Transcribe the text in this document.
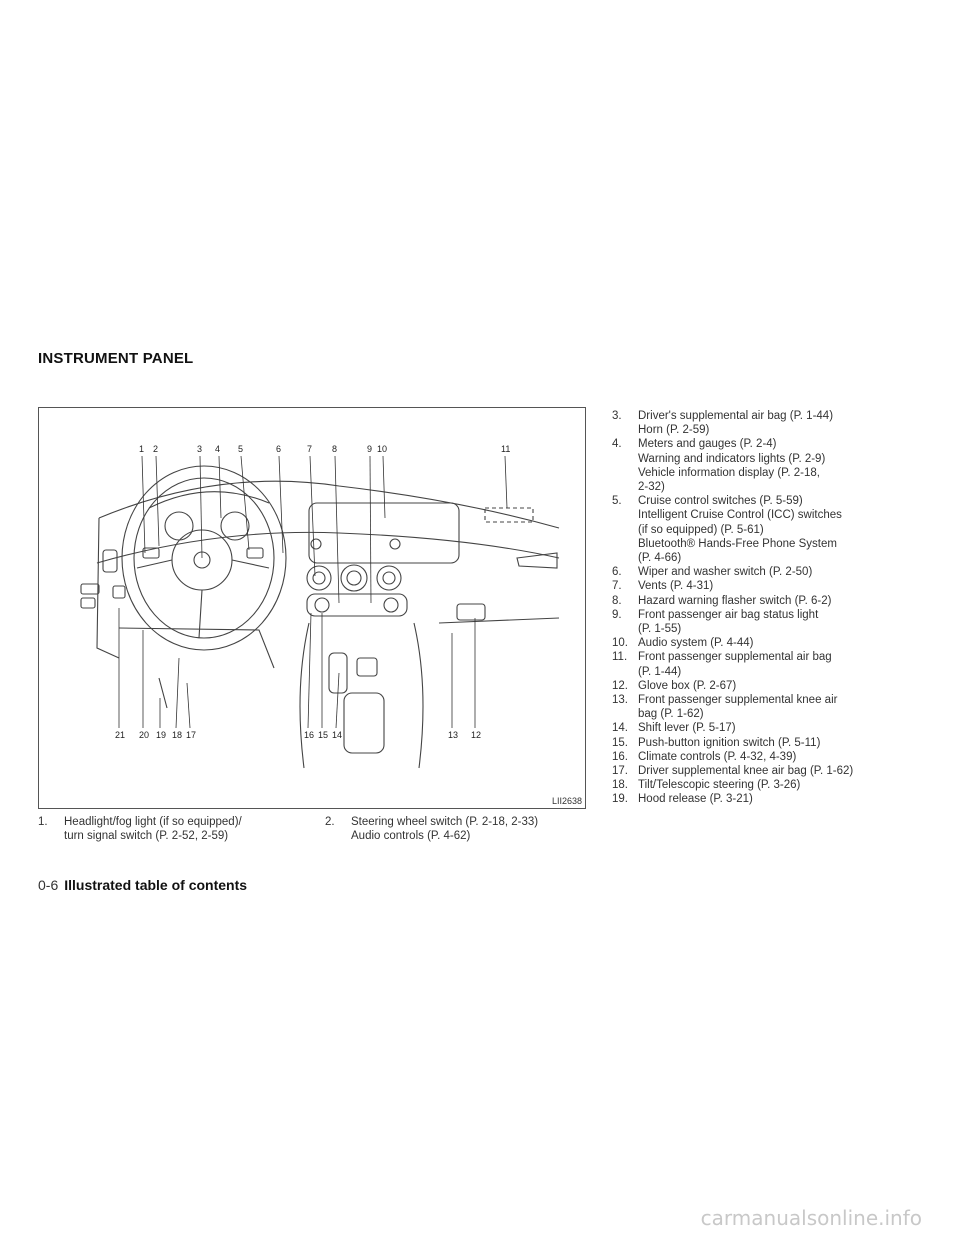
INSTRUMENT PANEL
1 2	3 4 5	6	7 8	9 10	11
21 20 19 18 17	16 15 14	13 12
LII2638
1.	Headlight/fog light (if so equipped)/
turn signal switch (P. 2-52, 2-59)
2.	Steering wheel switch (P. 2-18, 2-33)
Audio controls (P. 4-62)
3.	Driver's supplemental air bag (P. 1-44)
Horn (P. 2-59)
4.	Meters and gauges (P. 2-4)
Warning and indicators lights (P. 2-9)
Vehicle information display (P. 2-18,
2-32)
5.	Cruise control switches (P. 5-59)
Intelligent Cruise Control (ICC) switches
(if so equipped) (P. 5-61)
Bluetooth® Hands-Free Phone System
(P. 4-66)
6.	Wiper and washer switch (P. 2-50)
7.	Vents (P. 4-31)
8.	Hazard warning flasher switch (P. 6-2)
9.	Front passenger air bag status light
(P. 1-55)
10. Audio system (P. 4-44)
11. Front passenger supplemental air bag
(P. 1-44)
12. Glove box (P. 2-67)
13. Front passenger supplemental knee air
bag (P. 1-62)
14. Shift lever (P. 5-17)
15. Push-button ignition switch (P. 5-11)
16. Climate controls (P. 4-32, 4-39)
17. Driver supplemental knee air bag (P. 1-62)
18. Tilt/Telescopic steering (P. 3-26)
19. Hood release (P. 3-21)
0-6 Illustrated table of contents
carmanualsonline.info
